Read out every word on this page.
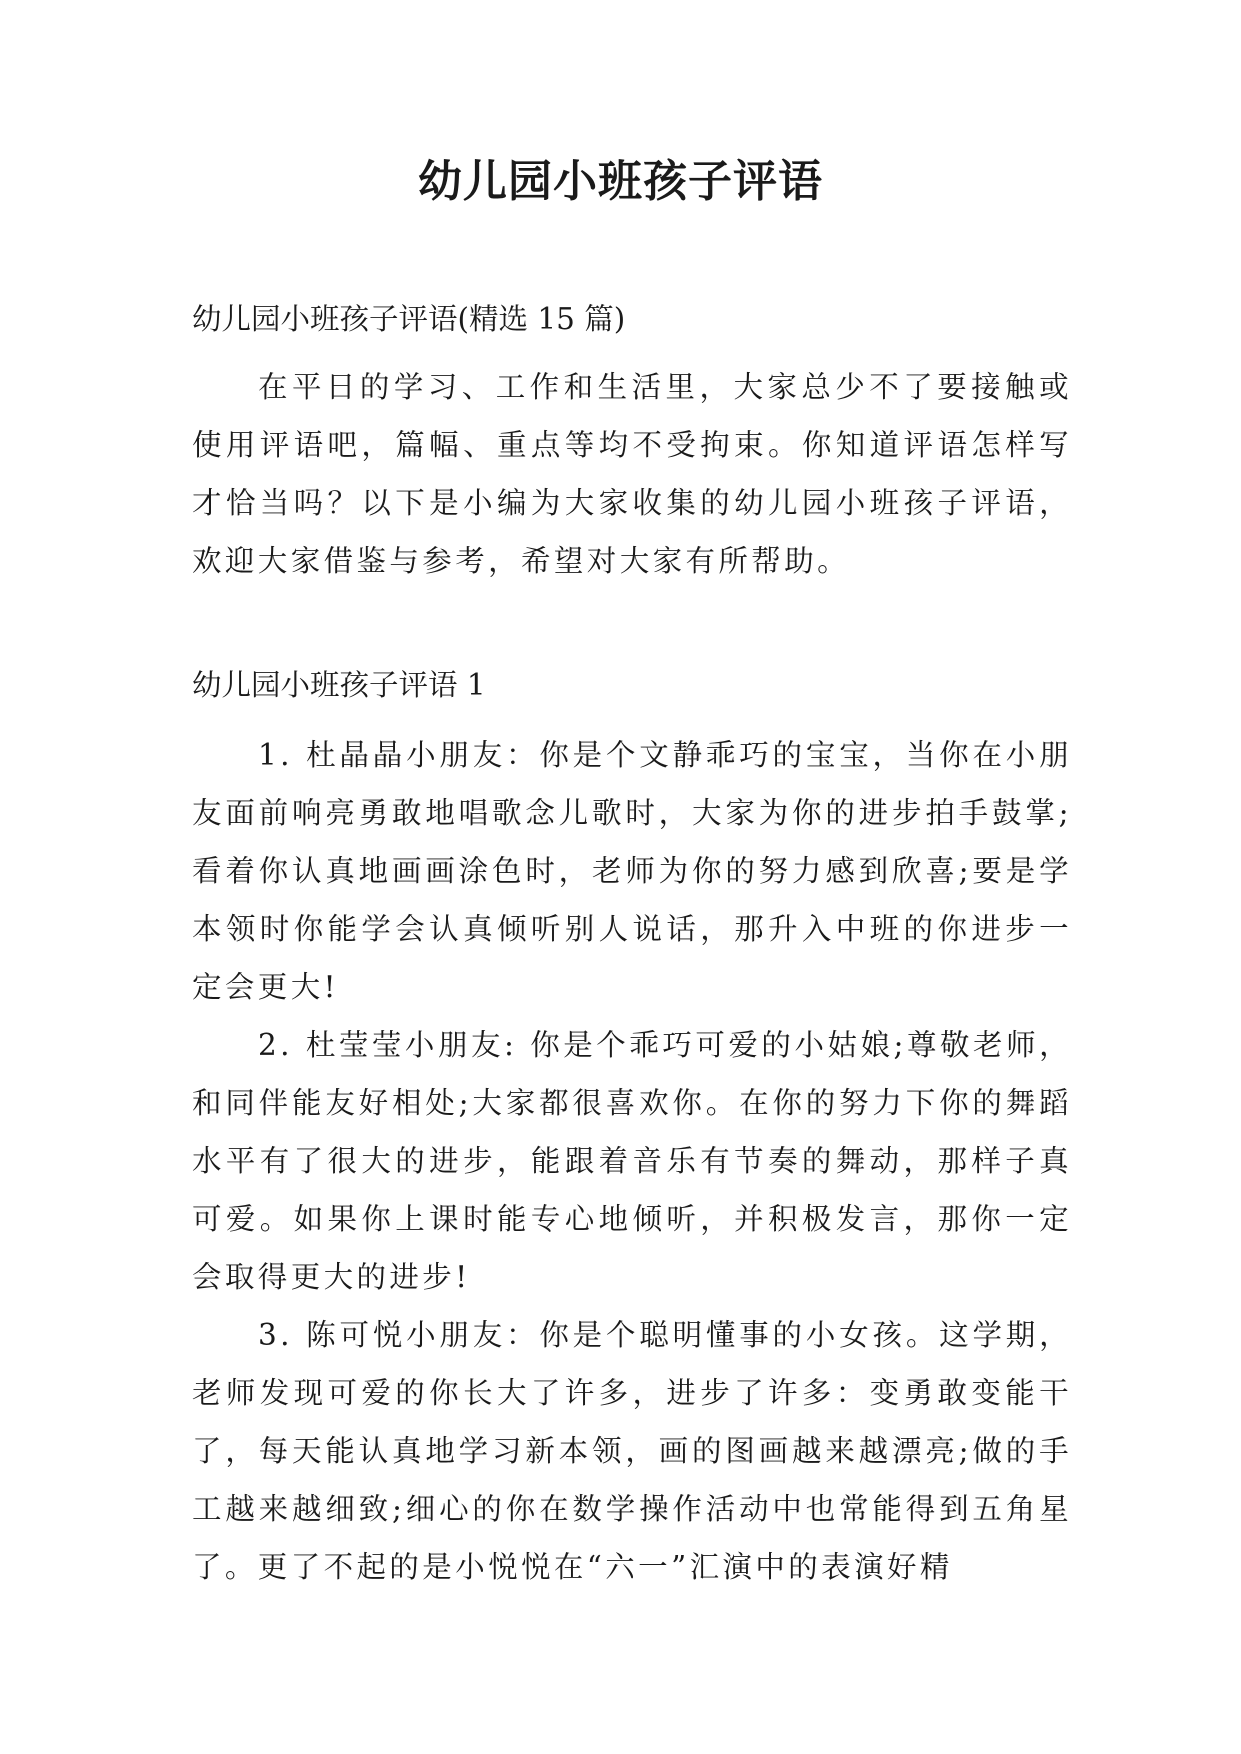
幼儿园小班孩子评语

幼儿园小班孩子评语(精选 15 篇)

在平日的学习、工作和生活里，大家总少不了要接触或使用评语吧，篇幅、重点等均不受拘束。你知道评语怎样写才恰当吗？以下是小编为大家收集的幼儿园小班孩子评语，欢迎大家借鉴与参考，希望对大家有所帮助。

幼儿园小班孩子评语 1

1. 杜晶晶小朋友：你是个文静乖巧的宝宝，当你在小朋友面前响亮勇敢地唱歌念儿歌时，大家为你的进步拍手鼓掌;看着你认真地画画涂色时，老师为你的努力感到欣喜;要是学本领时你能学会认真倾听别人说话，那升入中班的你进步一定会更大!

2. 杜莹莹小朋友: 你是个乖巧可爱的小姑娘;尊敬老师，和同伴能友好相处;大家都很喜欢你。在你的努力下你的舞蹈水平有了很大的进步，能跟着音乐有节奏的舞动，那样子真可爱。如果你上课时能专心地倾听，并积极发言，那你一定会取得更大的进步!

3. 陈可悦小朋友：你是个聪明懂事的小女孩。这学期，老师发现可爱的你长大了许多，进步了许多：变勇敢变能干了，每天能认真地学习新本领，画的图画越来越漂亮;做的手工越来越细致;细心的你在数学操作活动中也常能得到五角星了。更了不起的是小悦悦在“六一”汇演中的表演好精
